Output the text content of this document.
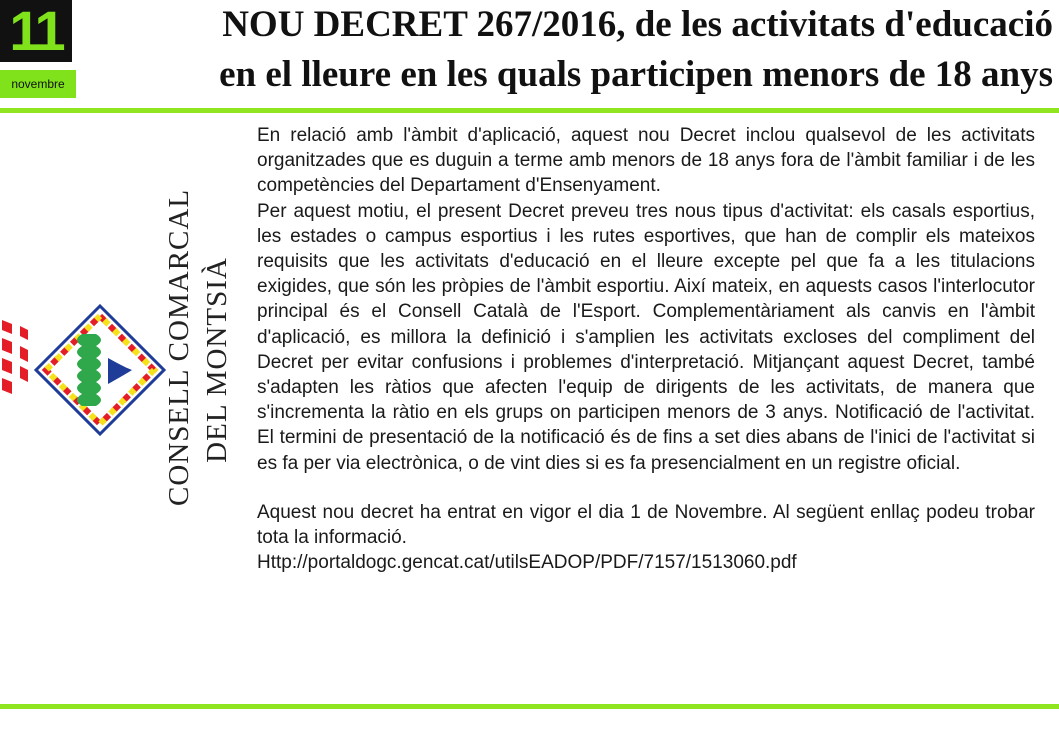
11
novembre
NOU DECRET 267/2016, de les activitats d'educació
en el lleure en les quals participen menors de 18 anys
CONSELL COMARCAL DEL MONTSIÀ

En relació amb l'àmbit d'aplicació, aquest nou Decret inclou qualsevol de les activitats organitzades que es duguin a terme amb menors de 18 anys fora de l'àmbit familiar i de les competències del Departament d'Ensenyament.

Per aquest motiu, el present Decret preveu tres nous tipus d'activitat: els casals esportius, les estades o campus esportius i les rutes esportives, que han de complir els mateixos requisits que les activitats d'educació en el lleure excepte pel que fa a les titulacions exigides, que són les pròpies de l'àmbit esportiu. Així mateix, en aquests casos l'interlocutor principal és el Consell Català de l'Esport. Complementàriament als canvis en l'àmbit d'aplicació, es millora la definició i s'amplien les activitats excloses del compliment del Decret per evitar confusions i problemes d'interpretació. Mitjançant aquest Decret, també s'adapten les ràtios que afecten l'equip de dirigents de les activitats, de manera que s'incrementa la ràtio en els grups on participen menors de 3 anys. Notificació de l'activitat. El termini de presentació de la notificació és de fins a set dies abans de l'inici de l'activitat si es fa per via electrònica, o de vint dies si es fa presencialment en un registre oficial.

Aquest nou decret ha entrat en vigor el dia 1 de Novembre. Al següent enllaç podeu trobar tota la informació.

Http://portaldogc.gencat.cat/utilsEADOP/PDF/7157/1513060.pdf
